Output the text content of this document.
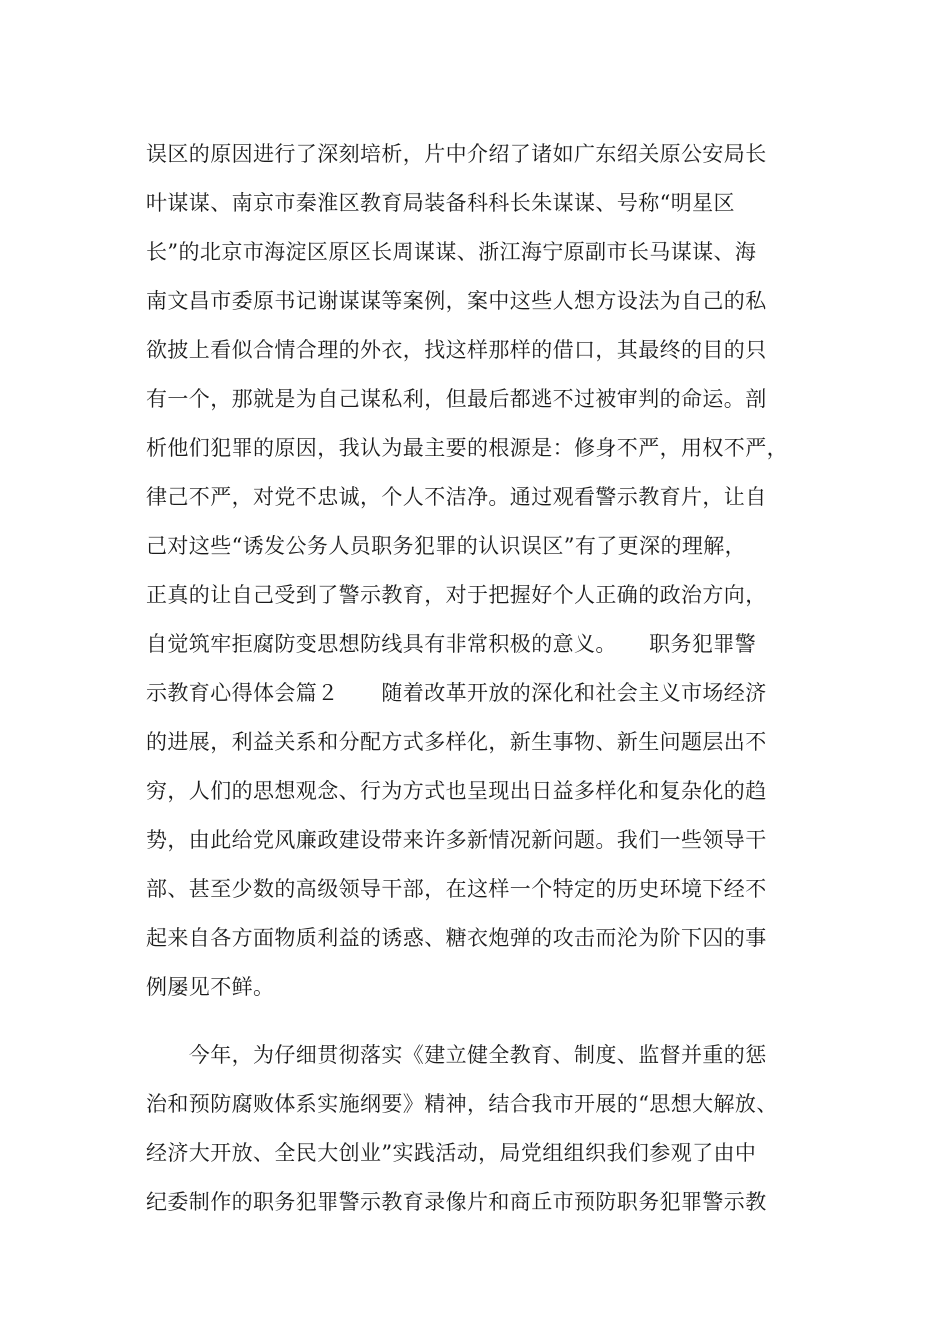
误区的原因进行了深刻培析，片中介绍了诸如广东绍关原公安局长
叶谋谋、南京市秦淮区教育局装备科科长朱谋谋、号称“明星区
长”的北京市海淀区原区长周谋谋、浙江海宁原副市长马谋谋、海
南文昌市委原书记谢谋谋等案例，案中这些人想方设法为自己的私
欲披上看似合情合理的外衣，找这样那样的借口，其最终的目的只
有一个，那就是为自己谋私利，但最后都逃不过被审判的命运。剖
析他们犯罪的原因，我认为最主要的根源是：修身不严，用权不严，
律己不严，对党不忠诚，个人不洁净。通过观看警示教育片，让自
己对这些“诱发公务人员职务犯罪的认识误区”有了更深的理解，
正真的让自己受到了警示教育，对于把握好个人正确的政治方向，
自觉筑牢拒腐防变思想防线具有非常积极的意义。　　职务犯罪警
示教育心得体会篇２　　随着改革开放的深化和社会主义市场经济
的进展，利益关系和分配方式多样化，新生事物、新生问题层出不
穷，人们的思想观念、行为方式也呈现出日益多样化和复杂化的趋
势，由此给党风廉政建设带来许多新情况新问题。我们一些领导干
部、甚至少数的高级领导干部，在这样一个特定的历史环境下经不
起来自各方面物质利益的诱惑、糖衣炮弹的攻击而沦为阶下囚的事
例屡见不鲜。
　　今年，为仔细贯彻落实《建立健全教育、制度、监督并重的惩
治和预防腐败体系实施纲要》精神，结合我市开展的“思想大解放、
经济大开放、全民大创业”实践活动，局党组组织我们参观了由中
纪委制作的职务犯罪警示教育录像片和商丘市预防职务犯罪警示教
